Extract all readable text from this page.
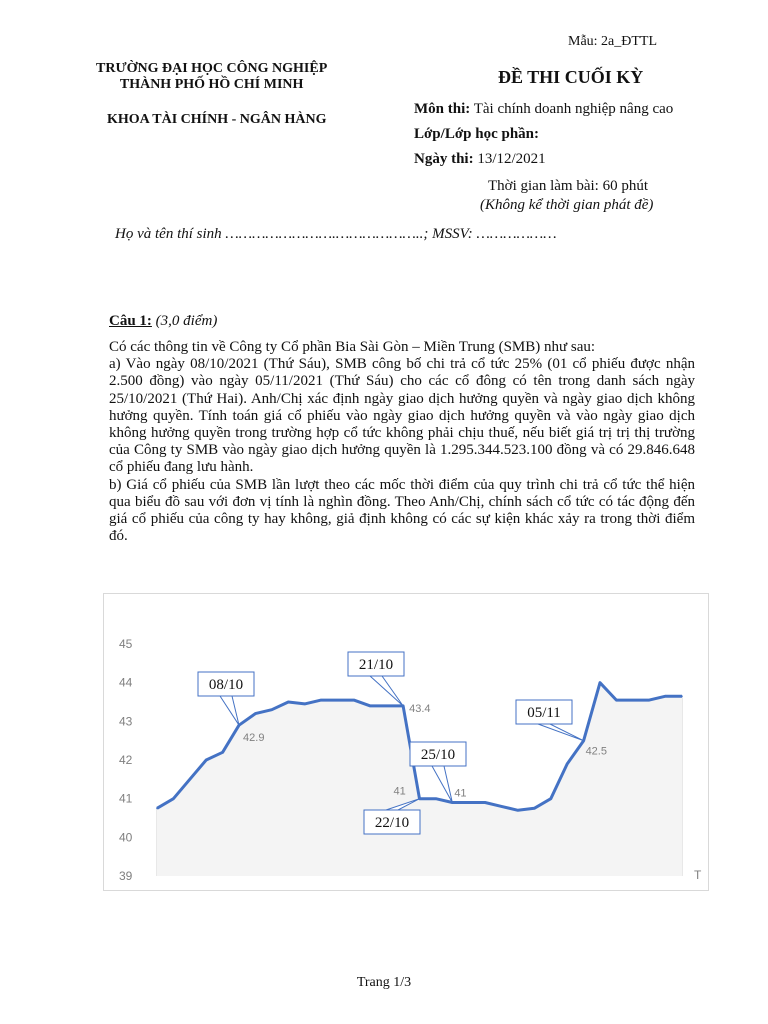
Mẫu: 2a_ĐTTL
TRƯỜNG ĐẠI HỌC CÔNG NGHIỆP
THÀNH PHỐ HỒ CHÍ MINH
KHOA TÀI CHÍNH - NGÂN HÀNG
ĐỀ THI CUỐI KỲ
Môn thi: Tài chính doanh nghiệp nâng cao
Lớp/Lớp học phần:
Ngày thi: 13/12/2021
Thời gian làm bài: 60 phút
(Không kể thời gian phát đề)
Họ và tên thí sinh …………………….………………..; MSSV: ………………
Câu 1: (3,0 điểm)

Có các thông tin về Công ty Cổ phần Bia Sài Gòn – Miền Trung (SMB) như sau:

a) Vào ngày 08/10/2021 (Thứ Sáu), SMB công bố chi trả cổ tức 25% (01 cổ phiếu được nhận 2.500 đồng) vào ngày 05/11/2021 (Thứ Sáu) cho các cổ đông có tên trong danh sách ngày 25/10/2021 (Thứ Hai). Anh/Chị xác định ngày giao dịch hưởng quyền và ngày giao dịch không hưởng quyền. Tính toán giá cổ phiếu vào ngày giao dịch hưởng quyền và vào ngày giao dịch không hưởng quyền trong trường hợp cổ tức không phải chịu thuế, nếu biết giá trị trị thị trường của Công ty SMB vào ngày giao dịch hưởng quyền là 1.295.344.523.100 đồng và có 29.846.648 cổ phiếu đang lưu hành.

b) Giá cổ phiếu của SMB lần lượt theo các mốc thời điểm của quy trình chi trả cổ tức thể hiện qua biểu đồ sau với đơn vị tính là nghìn đồng. Theo Anh/Chị, chính sách cổ tức có tác động đến giá cổ phiếu của công ty hay không, giả định không có các sự kiện khác xảy ra trong thời điểm đó.

39
40
41
42
43
44
45
T
42.9
43.4
41	41
42.5
08/10
21/10
22/10
25/10
05/11
Trang 1/3
